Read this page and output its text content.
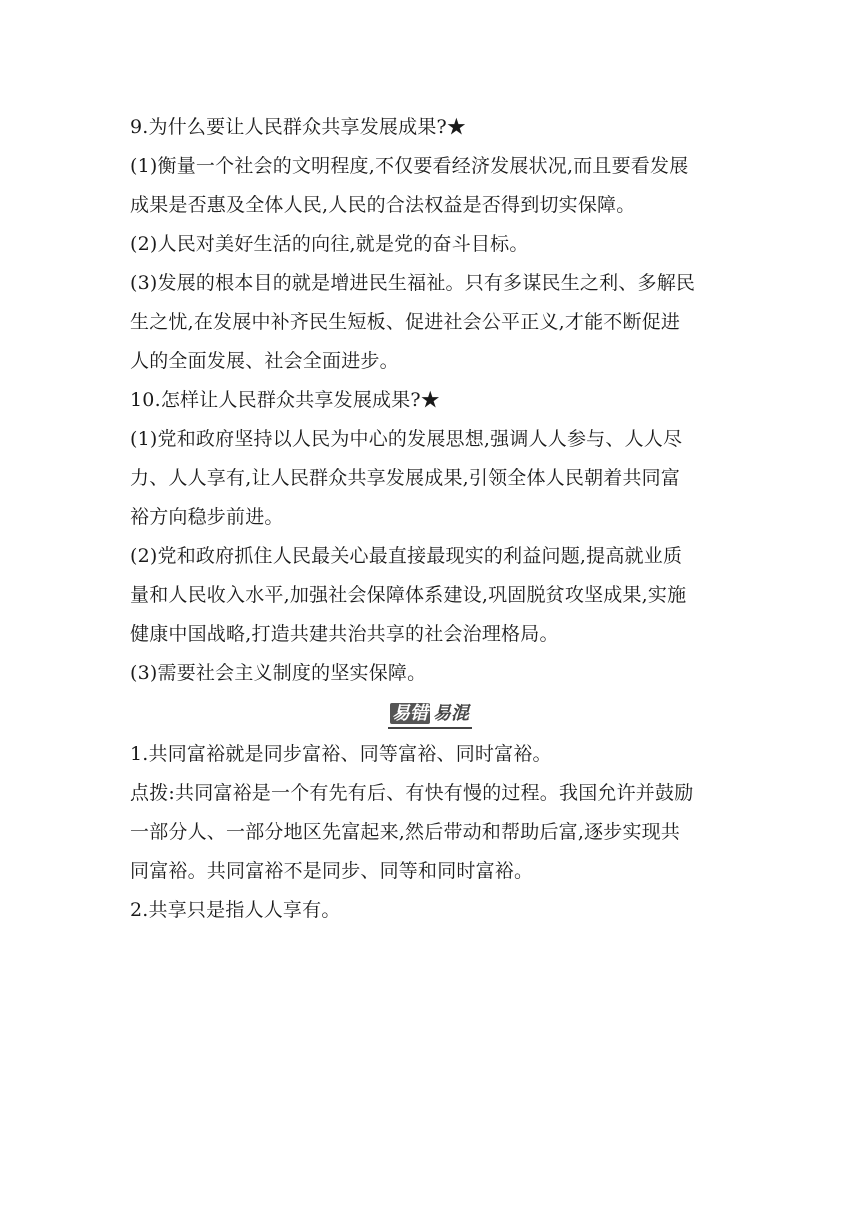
9.为什么要让人民群众共享发展成果?★
(1)衡量一个社会的文明程度,不仅要看经济发展状况,而且要看发展
成果是否惠及全体人民,人民的合法权益是否得到切实保障。
(2)人民对美好生活的向往,就是党的奋斗目标。
(3)发展的根本目的就是增进民生福祉。只有多谋民生之利、多解民
生之忧,在发展中补齐民生短板、促进社会公平正义,才能不断促进
人的全面发展、社会全面进步。
10.怎样让人民群众共享发展成果?★
(1)党和政府坚持以人民为中心的发展思想,强调人人参与、人人尽
力、人人享有,让人民群众共享发展成果,引领全体人民朝着共同富
裕方向稳步前进。
(2)党和政府抓住人民最关心最直接最现实的利益问题,提高就业质
量和人民收入水平,加强社会保障体系建设,巩固脱贫攻坚成果,实施
健康中国战略,打造共建共治共享的社会治理格局。
(3)需要社会主义制度的坚实保障。
易错 易混
1.共同富裕就是同步富裕、同等富裕、同时富裕。
点拨:共同富裕是一个有先有后、有快有慢的过程。我国允许并鼓励
一部分人、一部分地区先富起来,然后带动和帮助后富,逐步实现共
同富裕。共同富裕不是同步、同等和同时富裕。
2.共享只是指人人享有。
